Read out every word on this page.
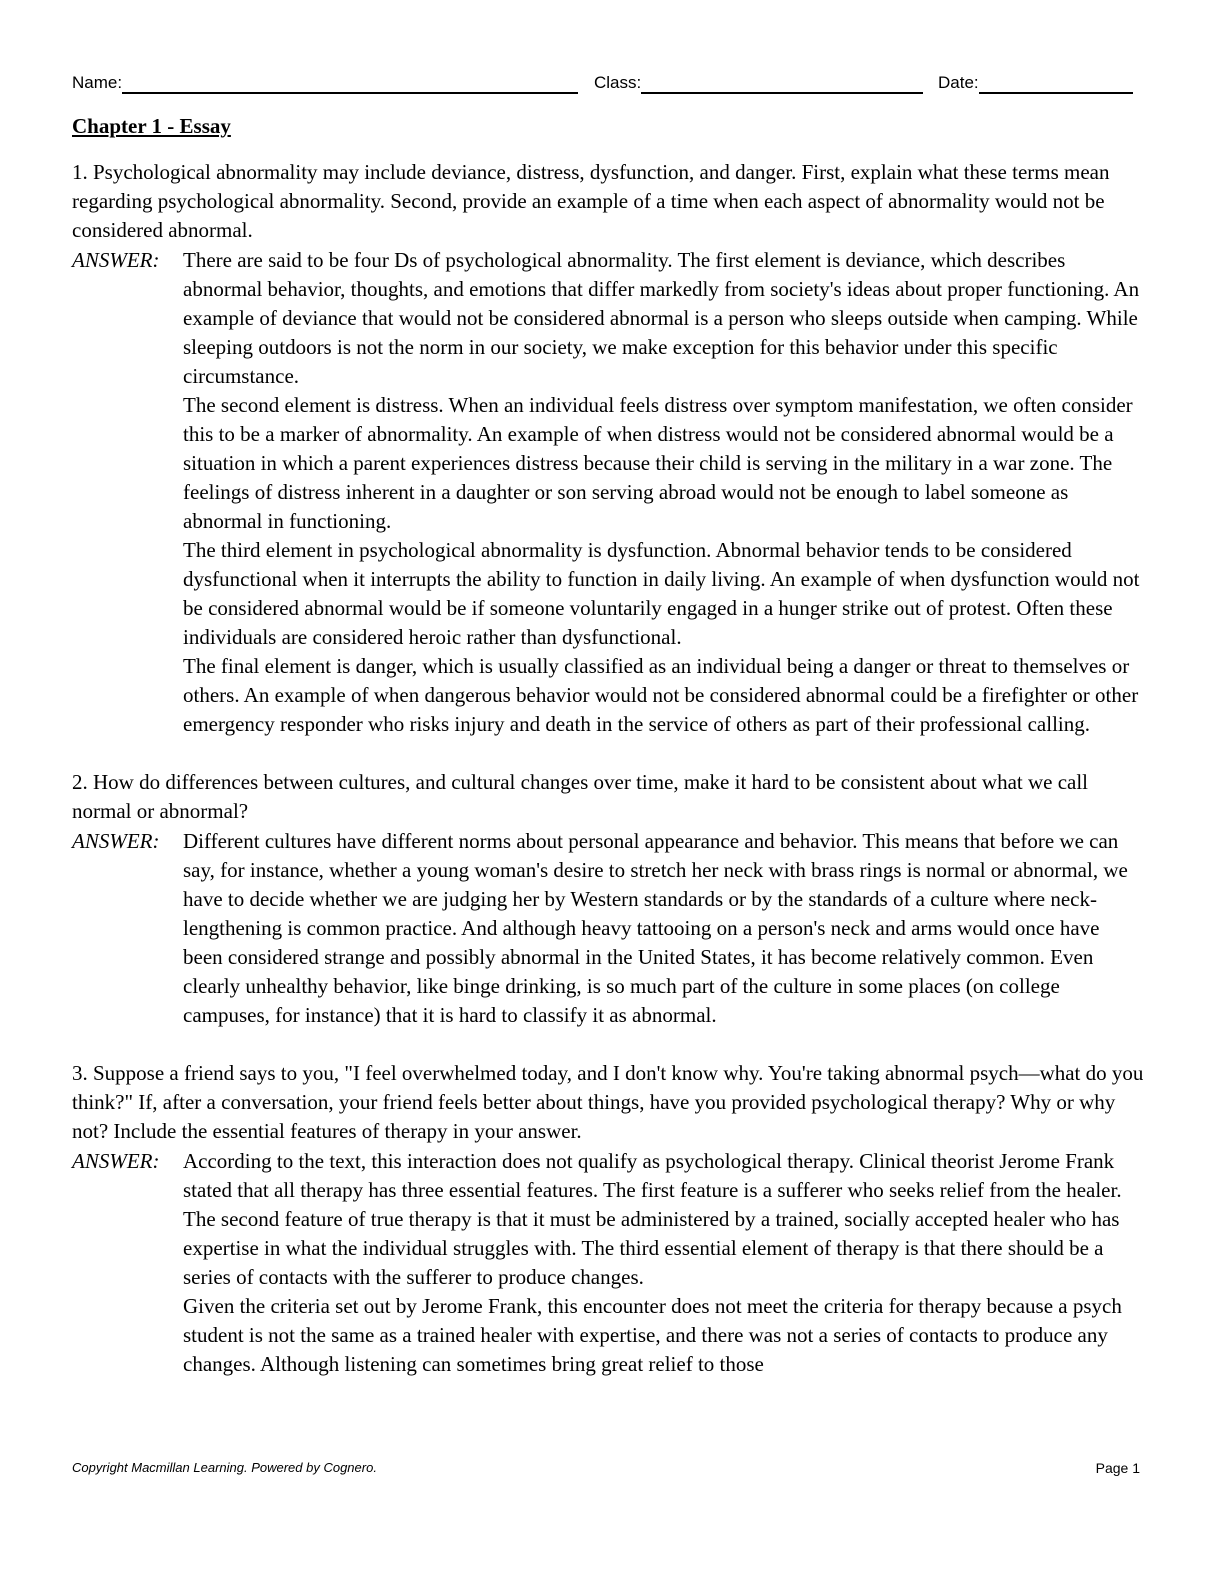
Name:	Class:	Date:
Chapter 1 - Essay

1. Psychological abnormality may include deviance, distress, dysfunction, and danger. First, explain what these terms mean regarding psychological abnormality. Second, provide an example of a time when each aspect of abnormality would not be considered abnormal.

ANSWER: There are said to be four Ds of psychological abnormality. The first element is deviance, which describes abnormal behavior, thoughts, and emotions that differ markedly from society's ideas about proper functioning. An example of deviance that would not be considered abnormal is a person who sleeps outside when camping. While sleeping outdoors is not the norm in our society, we make exception for this behavior under this specific circumstance.

The second element is distress. When an individual feels distress over symptom manifestation, we often consider this to be a marker of abnormality. An example of when distress would not be considered abnormal would be a situation in which a parent experiences distress because their child is serving in the military in a war zone. The feelings of distress inherent in a daughter or son serving abroad would not be enough to label someone as abnormal in functioning.

The third element in psychological abnormality is dysfunction. Abnormal behavior tends to be considered dysfunctional when it interrupts the ability to function in daily living. An example of when dysfunction would not be considered abnormal would be if someone voluntarily engaged in a hunger strike out of protest. Often these individuals are considered heroic rather than dysfunctional.

The final element is danger, which is usually classified as an individual being a danger or threat to themselves or others. An example of when dangerous behavior would not be considered abnormal could be a firefighter or other emergency responder who risks injury and death in the service of others as part of their professional calling.

2. How do differences between cultures, and cultural changes over time, make it hard to be consistent about what we call normal or abnormal?

ANSWER: Different cultures have different norms about personal appearance and behavior. This means that before we can say, for instance, whether a young woman's desire to stretch her neck with brass rings is normal or abnormal, we have to decide whether we are judging her by Western standards or by the standards of a culture where neck-lengthening is common practice. And although heavy tattooing on a person's neck and arms would once have been considered strange and possibly abnormal in the United States, it has become relatively common. Even clearly unhealthy behavior, like binge drinking, is so much part of the culture in some places (on college campuses, for instance) that it is hard to classify it as abnormal.

3. Suppose a friend says to you, "I feel overwhelmed today, and I don't know why. You're taking abnormal psych—what do you think?" If, after a conversation, your friend feels better about things, have you provided psychological therapy? Why or why not? Include the essential features of therapy in your answer.

ANSWER: According to the text, this interaction does not qualify as psychological therapy. Clinical theorist Jerome Frank stated that all therapy has three essential features. The first feature is a sufferer who seeks relief from the healer. The second feature of true therapy is that it must be administered by a trained, socially accepted healer who has expertise in what the individual struggles with. The third essential element of therapy is that there should be a series of contacts with the sufferer to produce changes.

Given the criteria set out by Jerome Frank, this encounter does not meet the criteria for therapy because a psych student is not the same as a trained healer with expertise, and there was not a series of contacts to produce any changes. Although listening can sometimes bring great relief to those

Copyright Macmillan Learning. Powered by Cognero.	Page 1
